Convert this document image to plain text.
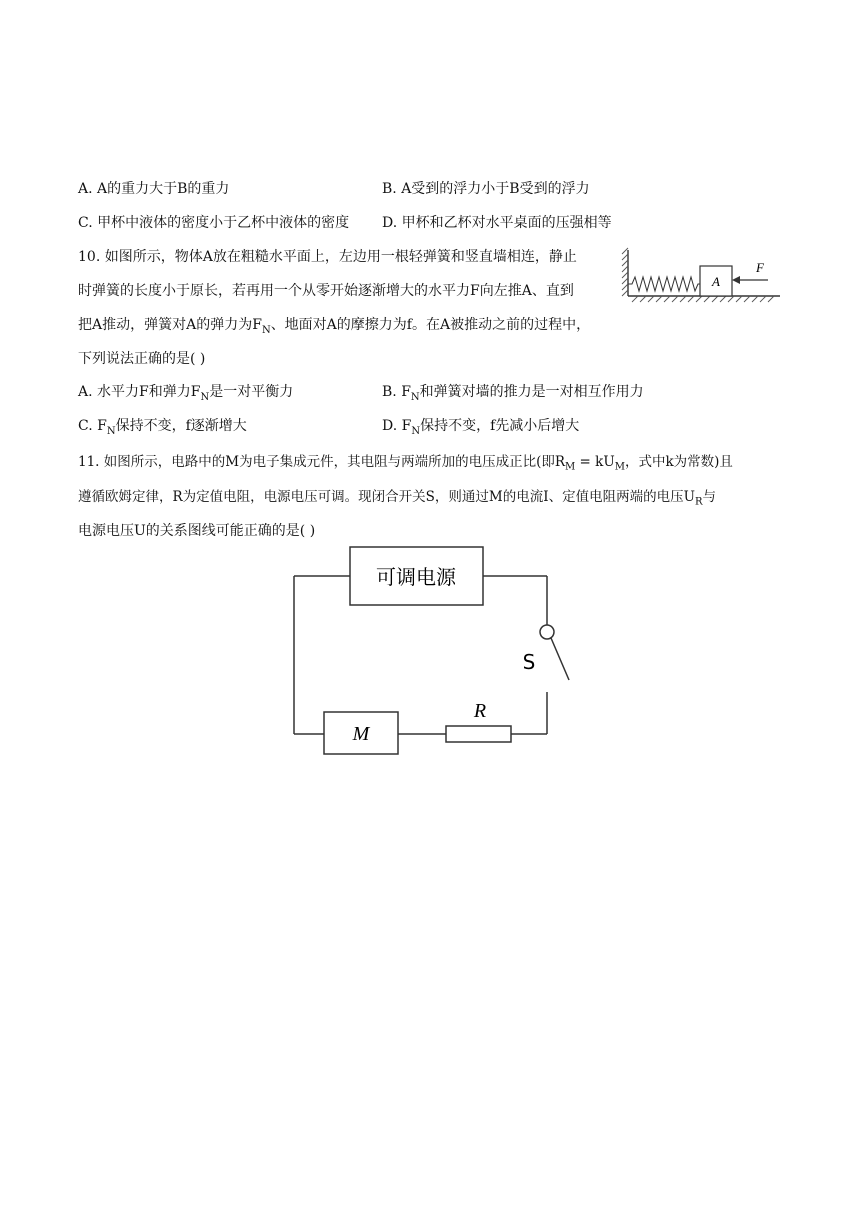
A. A的重力大于B的重力	B. A受到的浮力小于B受到的浮力
C. 甲杯中液体的密度小于乙杯中液体的密度 D. 甲杯和乙杯对水平桌面的压强相等
10. 如图所示，物体A放在粗糙水平面上，左边用一根轻弹簧和竖直墙相连，静止
时弹簧的长度小于原长，若再用一个从零开始逐渐增大的水平力F向左推A、直到
把A推动，弹簧对A的弹力为$F_N$、地面对A的摩擦力为f。在A被推动之前的过程中，
下列说法正确的是( )
A
F
A. 水平力F和弹力$F_N$是一对平衡力	B. $F_N$和弹簧对墙的推力是一对相互作用力
C. $F_N$保持不变，f逐渐增大	D. $F_N$保持不变，f先减小后增大
11. 如图所示，电路中的M为电子集成元件，其电阻与两端所加的电压成正比(即$R_M = kU_M$，式中k为常数)且
遵循欧姆定律，R为定值电阻，电源电压可调。现闭合开关S，则通过M的电流I、定值电阻两端的电压$U_R$与
电源电压U的关系图线可能正确的是( )
可调电源
S
M
R
